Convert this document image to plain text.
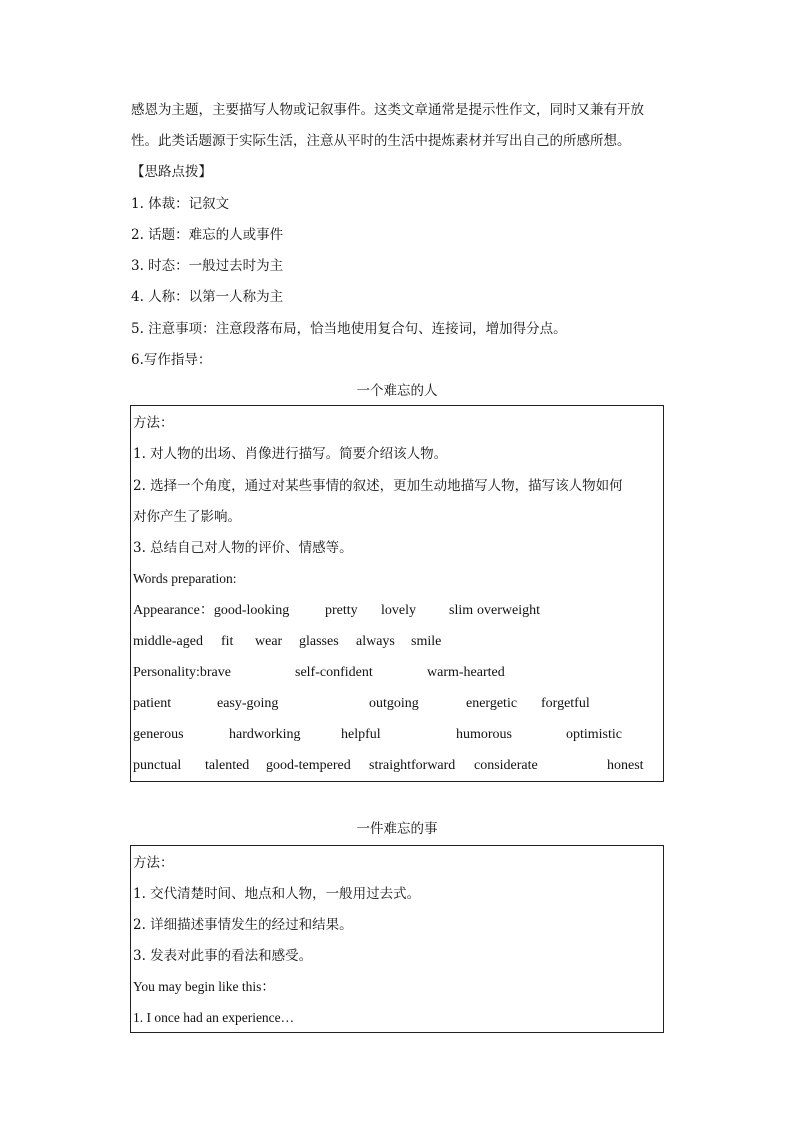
感恩为主题，主要描写人物或记叙事件。这类文章通常是提示性作文，同时又兼有开放
性。此类话题源于实际生活，注意从平时的生活中提炼素材并写出自己的所感所想。
【思路点拨】
1. 体裁：记叙文
2. 话题：难忘的人或事件
3. 时态：一般过去时为主
4. 人称：以第一人称为主
5. 注意事项：注意段落布局，恰当地使用复合句、连接词，增加得分点。
6.写作指导：
一个难忘的人
方法：
1. 对人物的出场、肖像进行描写。简要介绍该人物。
2. 选择一个角度，通过对某些事情的叙述，更加生动地描写人物，描写该人物如何
对你产生了影响。
3. 总结自己对人物的评价、情感等。
Words preparation:
Appearance：good-looking	pretty lovely slim overweight
middle-aged fit wear glasses always smile
Personality:brave	self-confident	warm-hearted
patient	easy-going	outgoing	energetic forgetful
generous	hardworking	helpful	humorous	optimistic
punctual talented good-tempered straightforward considerate	honest
一件难忘的事
方法：
1. 交代清楚时间、地点和人物，一般用过去式。
2. 详细描述事情发生的经过和结果。
3. 发表对此事的看法和感受。
You may begin like this：
1. I once had an experience…
